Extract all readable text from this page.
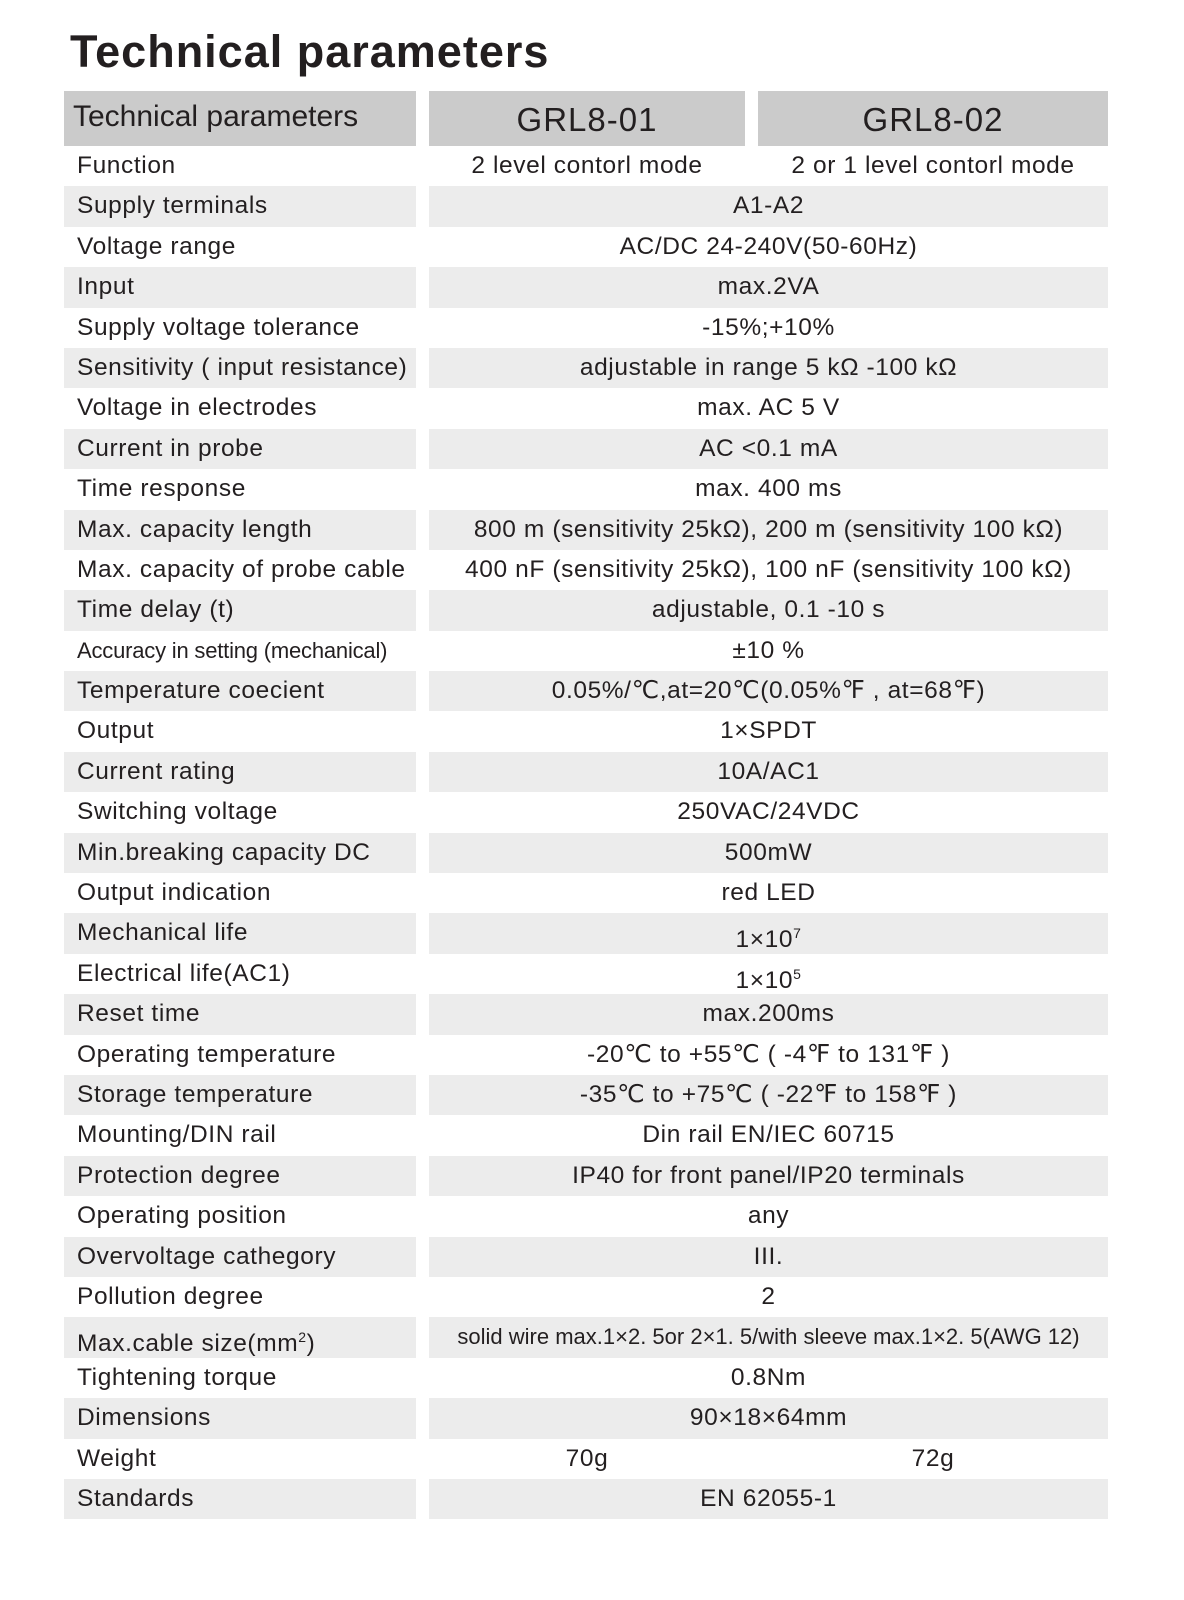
Technical parameters
Technical parameters	GRL8-01	GRL8-02
Function	2 level contorl mode	2 or 1 level contorl mode
Supply terminals	A1-A2
Voltage range	AC/DC 24-240V(50-60Hz)
Input	max.2VA
Supply voltage tolerance	-15%;+10%
Sensitivity ( input resistance)	adjustable in range 5 kΩ -100 kΩ
Voltage in electrodes	max. AC 5 V
Current in probe	AC <0.1 mA
Time response	max. 400 ms
Max. capacity length	800 m (sensitivity 25kΩ), 200 m (sensitivity 100 kΩ)
Max. capacity of probe cable	400 nF (sensitivity 25kΩ), 100 nF (sensitivity 100 kΩ)
Time delay (t)	adjustable, 0.1 -10 s
Accuracy in setting (mechanical)	±10 %
Temperature coecient	0.05%/℃,at=20℃(0.05%℉ , at=68℉)
Output	1×SPDT
Current rating	10A/AC1
Switching voltage	250VAC/24VDC
Min.breaking capacity DC	500mW
Output indication	red LED
Mechanical life	$1\times 10^7$
Electrical life(AC1)	$1\times 10^5$
Reset time	max.200ms
Operating temperature	-20℃ to +55℃ ( -4℉ to 131℉ )
Storage temperature	-35℃ to +75℃ ( -22℉ to 158℉ )
Mounting/DIN rail	Din rail EN/IEC 60715
Protection degree	IP40 for front panel/IP20 terminals
Operating position	any
Overvoltage cathegory	III.
Pollution degree	2
Max.cable $size(mm^2)$	solid wire max.1×2. 5or 2×1. 5/with sleeve max.1×2. 5(AWG 12)
Tightening torque	0.8Nm
Dimensions	90×18×64mm
Weight	70g	72g
Standards	EN 62055-1
